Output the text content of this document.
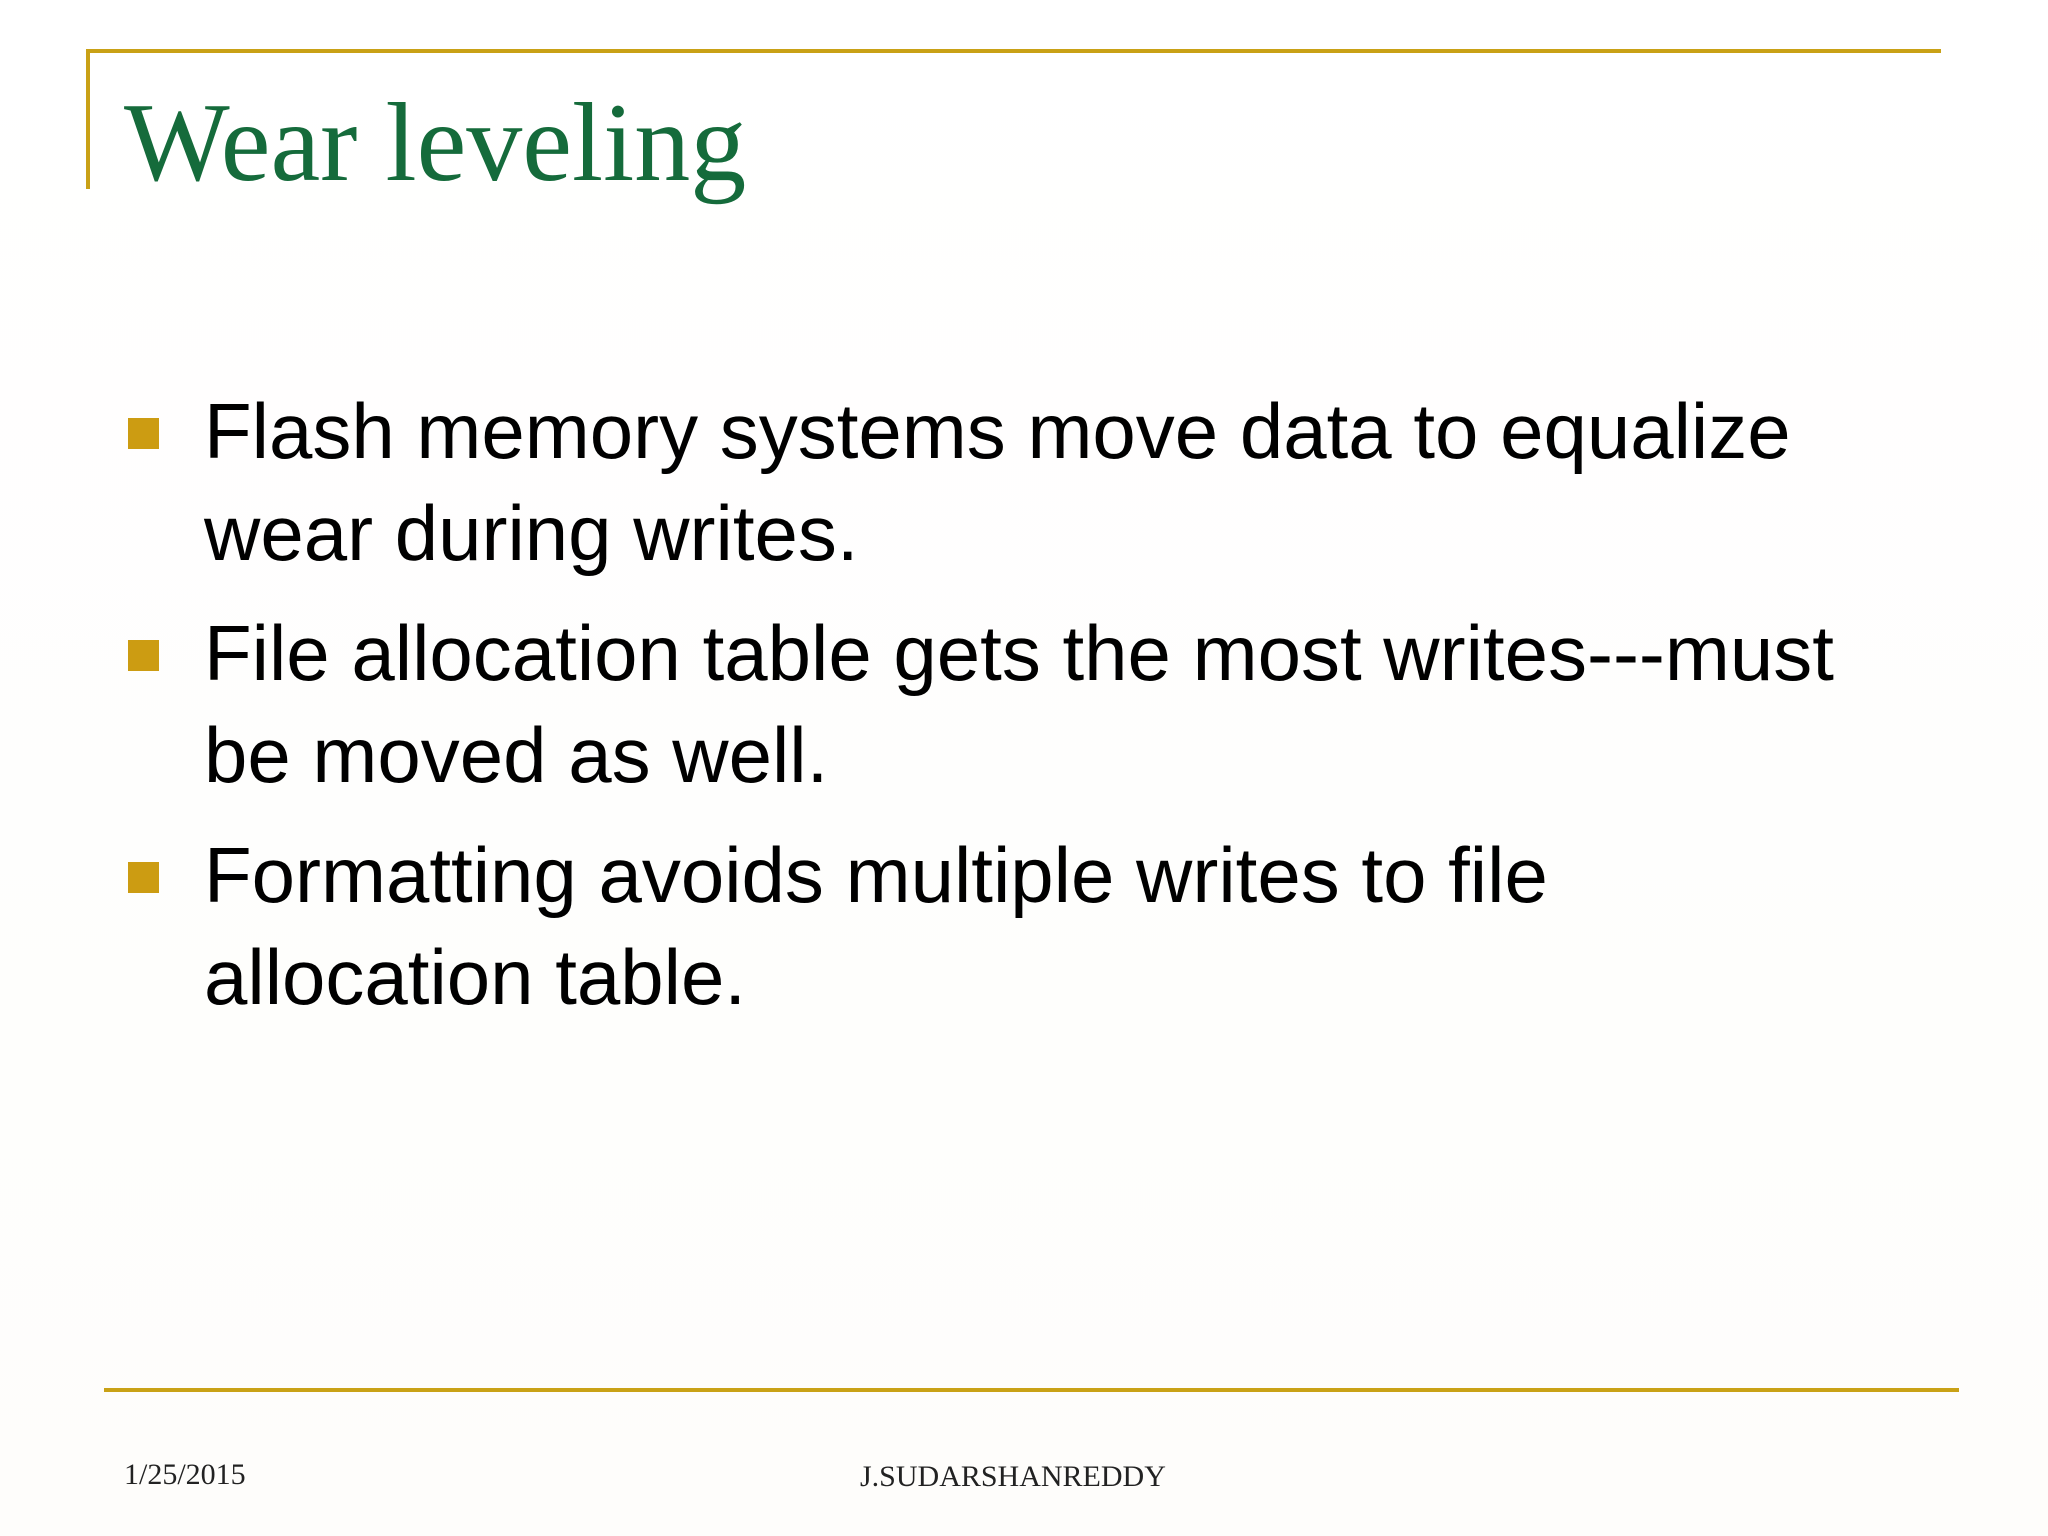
Wear leveling
Flash memory systems move data to equalize wear during writes.
File allocation table gets the most writes---must be moved as well.
Formatting avoids multiple writes to file allocation table.
1/25/2015	J.SUDARSHANREDDY
